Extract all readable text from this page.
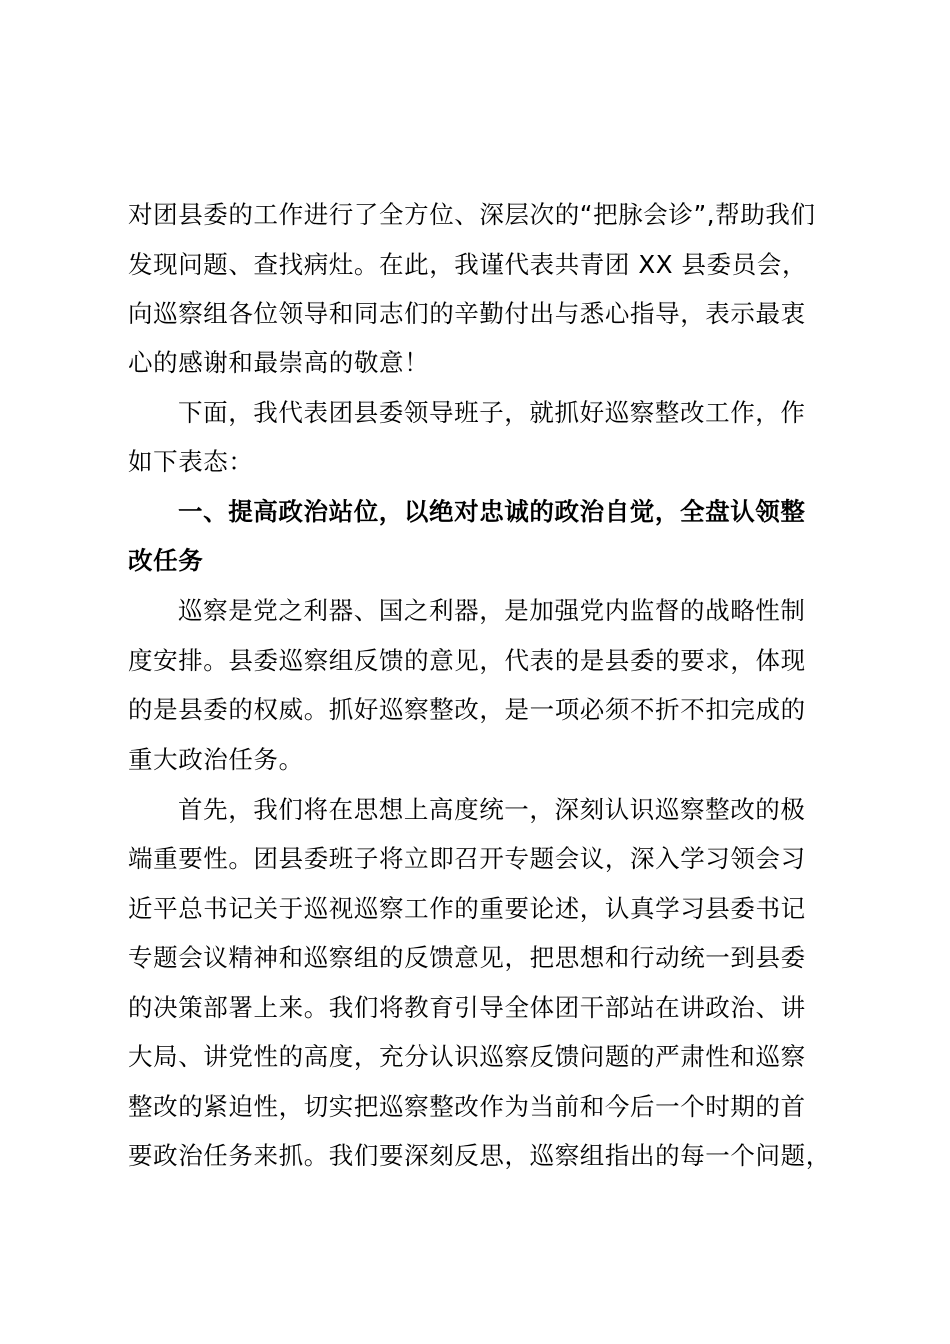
对团县委的工作进行了全方位、深层次的“把脉会诊”,帮助我们
发现问题、查找病灶。在此，我谨代表共青团 XX 县委员会，
向巡察组各位领导和同志们的辛勤付出与悉心指导，表示最衷
心的感谢和最崇高的敬意！
下面，我代表团县委领导班子，就抓好巡察整改工作，作
如下表态：
一、提高政治站位，以绝对忠诚的政治自觉，全盘认领整
改任务
巡察是党之利器、国之利器，是加强党内监督的战略性制
度安排。县委巡察组反馈的意见，代表的是县委的要求，体现
的是县委的权威。抓好巡察整改，是一项必须不折不扣完成的
重大政治任务。
首先，我们将在思想上高度统一，深刻认识巡察整改的极
端重要性。团县委班子将立即召开专题会议，深入学习领会习
近平总书记关于巡视巡察工作的重要论述，认真学习县委书记
专题会议精神和巡察组的反馈意见，把思想和行动统一到县委
的决策部署上来。我们将教育引导全体团干部站在讲政治、讲
大局、讲党性的高度，充分认识巡察反馈问题的严肃性和巡察
整改的紧迫性，切实把巡察整改作为当前和今后一个时期的首
要政治任务来抓。我们要深刻反思，巡察组指出的每一个问题，
